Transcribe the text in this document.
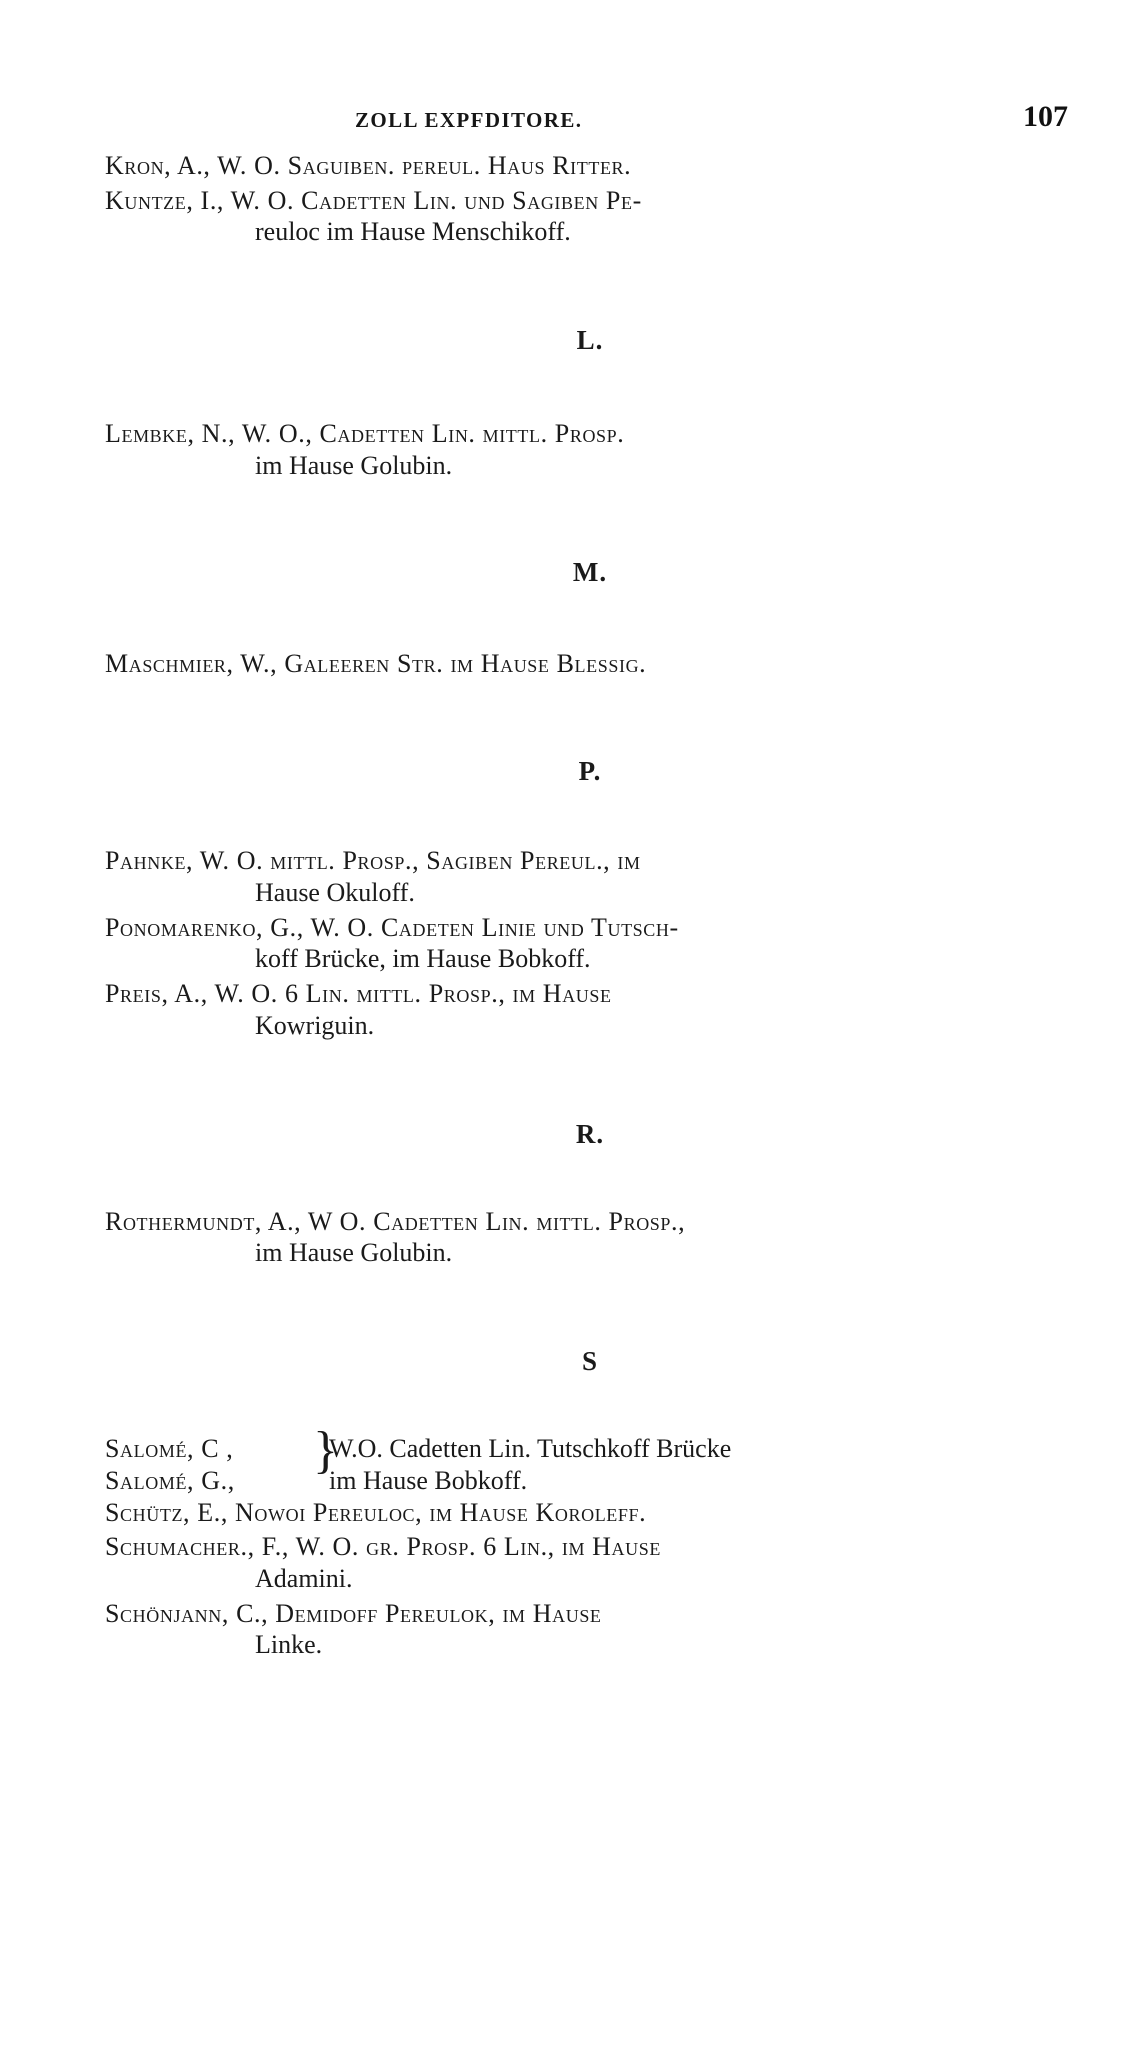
ZOLL EXPFDITORE.	107
Kron, A., W. O. Saguiben. pereul. Haus Ritter.
Kuntze, I., W. O. Cadetten Lin. und Sagiben Pe-
reuloc im Hause Menschikoff.
L.
Lembke, N., W. O., Cadetten Lin. mittl. Prosp.
im Hause Golubin.
M.
Maschmier, W., Galeeren Str. im Hause Blessig.
P.
Pahnke, W. O. mittl. Prosp., Sagiben Pereul., im
Hause Okuloff.
Ponomarenko, G., W. O. Cadeten Linie und Tutsch-
koff Brücke, im Hause Bobkoff.
Preis, A., W. O. 6 Lin. mittl. Prosp., im Hause
Kowriguin.
R.
Rothermundt, A., W O. Cadetten Lin. mittl. Prosp.,
im Hause Golubin.
S
Salomé, C ,
Salomé, G.,
}
W.O. Cadetten Lin. Tutschkoff Brücke
im Hause Bobkoff.
Schütz, E., Nowoi Pereuloc, im Hause Koroleff.
Schumacher., F., W. O. gr. Prosp. 6 Lin., im Hause
Adamini.
Schönjann, C., Demidoff Pereulok, im Hause
Linke.
